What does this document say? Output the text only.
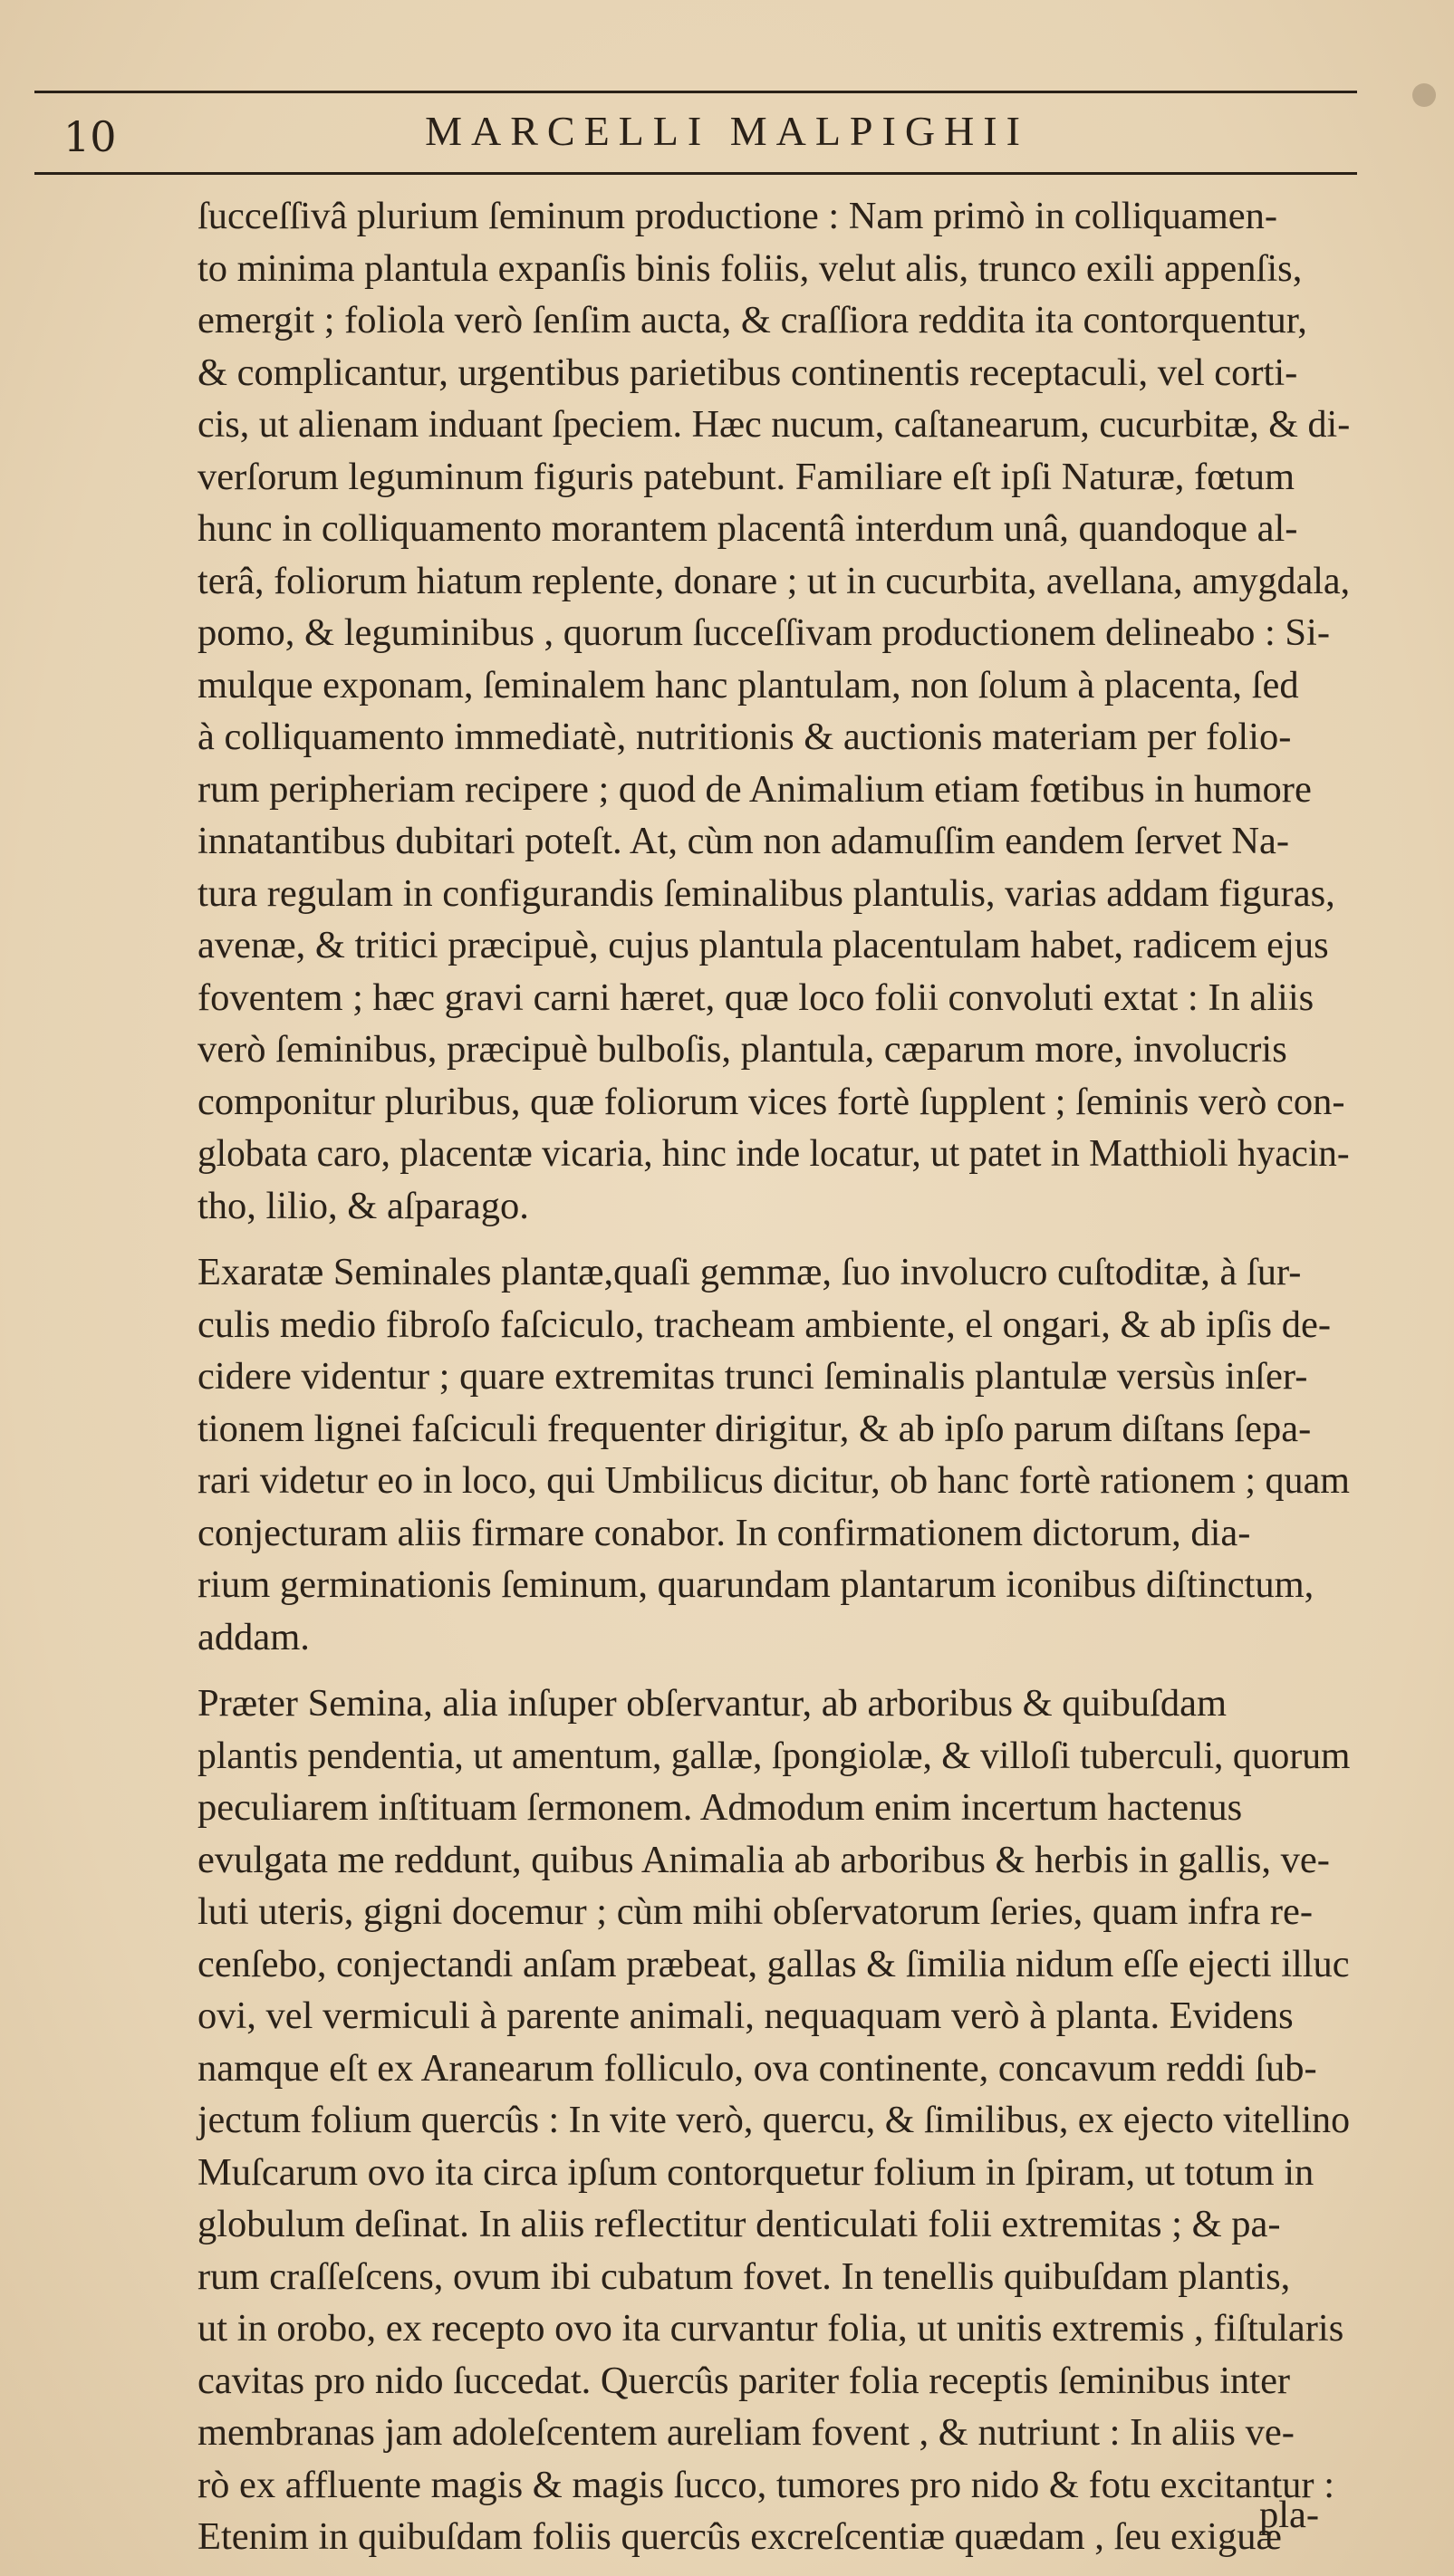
10	MARCELLI MALPIGHII
ſucceſſivâ plurium ſeminum productione : Nam primò in colliquamen-
to minima plantula expanſis binis foliis, velut alis, trunco exili appenſis,
emergit ; foliola verò ſenſim aucta, & craſſiora reddita ita contorquentur,
& complicantur, urgentibus parietibus continentis receptaculi, vel corti-
cis, ut alienam induant ſpeciem. Hæc nucum, caſtanearum, cucurbitæ, & di-
verſorum leguminum figuris patebunt. Familiare eſt ipſi Naturæ, fœtum
hunc in colliquamento morantem placentâ interdum unâ, quandoque al-
terâ, foliorum hiatum replente, donare ; ut in cucurbita, avellana, amygdala,
pomo, & leguminibus , quorum ſucceſſivam productionem delineabo : Si-
mulque exponam, ſeminalem hanc plantulam, non ſolum à placenta, ſed
à colliquamento immediatè, nutritionis & auctionis materiam per folio-
rum peripheriam recipere ; quod de Animalium etiam fœtibus in humore
innatantibus dubitari poteſt. At, cùm non adamuſſim eandem ſervet Na-
tura regulam in configurandis ſeminalibus plantulis, varias addam figuras,
avenæ, & tritici præcipuè, cujus plantula placentulam habet, radicem ejus
foventem ; hæc gravi carni hæret, quæ loco folii convoluti extat : In aliis
verò ſeminibus, præcipuè bulboſis, plantula, cæparum more, involucris
componitur pluribus, quæ foliorum vices fortè ſupplent ; ſeminis verò con-
globata caro, placentæ vicaria, hinc inde locatur, ut patet in Matthioli hyacin-
tho, lilio, & aſparago.
Exaratæ Seminales plantæ,quaſi gemmæ, ſuo involucro cuſtoditæ, à ſur-
culis medio fibroſo faſciculo, tracheam ambiente, el ongari, & ab ipſis de-
cidere videntur ; quare extremitas trunci ſeminalis plantulæ versùs inſer-
tionem lignei faſciculi frequenter dirigitur, & ab ipſo parum diſtans ſepa-
rari videtur eo in loco, qui Umbilicus dicitur, ob hanc fortè rationem ; quam
conjecturam aliis firmare conabor. In confirmationem dictorum, dia-
rium germinationis ſeminum, quarundam plantarum iconibus diſtinctum,
addam.
Præter Semina, alia inſuper obſervantur, ab arboribus & quibuſdam
plantis pendentia, ut amentum, gallæ, ſpongiolæ, & villoſi tuberculi, quorum
peculiarem inſtituam ſermonem. Admodum enim incertum hactenus
evulgata me reddunt, quibus Animalia ab arboribus & herbis in gallis, ve-
luti uteris, gigni docemur ; cùm mihi obſervatorum ſeries, quam infra re-
cenſebo, conjectandi anſam præbeat, gallas & ſimilia nidum eſſe ejecti illuc
ovi, vel vermiculi à parente animali, nequaquam verò à planta. Evidens
namque eſt ex Aranearum folliculo, ova continente, concavum reddi ſub-
jectum folium quercûs : In vite verò, quercu, & ſimilibus, ex ejecto vitellino
Muſcarum ovo ita circa ipſum contorquetur folium in ſpiram, ut totum in
globulum deſinat. In aliis reflectitur denticulati folii extremitas ; & pa-
rum craſſeſcens, ovum ibi cubatum fovet. In tenellis quibuſdam plantis,
ut in orobo, ex recepto ovo ita curvantur folia, ut unitis extremis , fiſtularis
cavitas pro nido ſuccedat. Quercûs pariter folia receptis ſeminibus inter
membranas jam adoleſcentem aureliam fovent , & nutriunt : In aliis ve-
rò ex affluente magis & magis ſucco, tumores pro nido & fotu excitantur :
Etenim in quibuſdam foliis quercûs excreſcentiæ quædam , ſeu exiguæ
pla-
